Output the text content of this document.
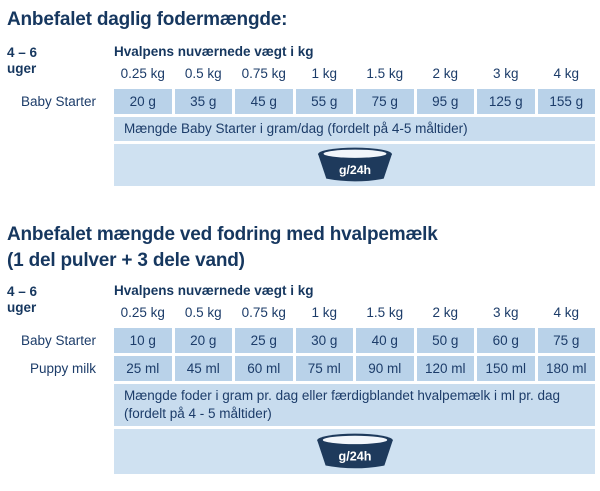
Anbefalet daglig fodermængde:
4 – 6
uger
Hvalpens nuværnede vægt i kg
0.25 kg	0.5 kg	0.75 kg	1 kg	1.5 kg	2 kg	3 kg	4 kg
Baby Starter	20 g	35 g	45 g	55 g	75 g	95 g	125 g	155 g
Mængde Baby Starter i gram/dag (fordelt på 4-5 måltider)
g/24h
Anbefalet mængde ved fodring med hvalpemælk
(1 del pulver + 3 dele vand)
4 – 6
uger
Hvalpens nuværnede vægt i kg
0.25 kg	0.5 kg	0.75 kg	1 kg	1.5 kg	2 kg	3 kg	4 kg
Baby Starter	10 g	20 g	25 g	30 g	40 g	50 g	60 g	75 g
Puppy milk	25 ml	45 ml	60 ml	75 ml	90 ml	120 ml	150 ml	180 ml
Mængde foder i gram pr. dag eller færdigblandet hvalpemælk i ml pr. dag (fordelt på 4 - 5 måltider)
g/24h
